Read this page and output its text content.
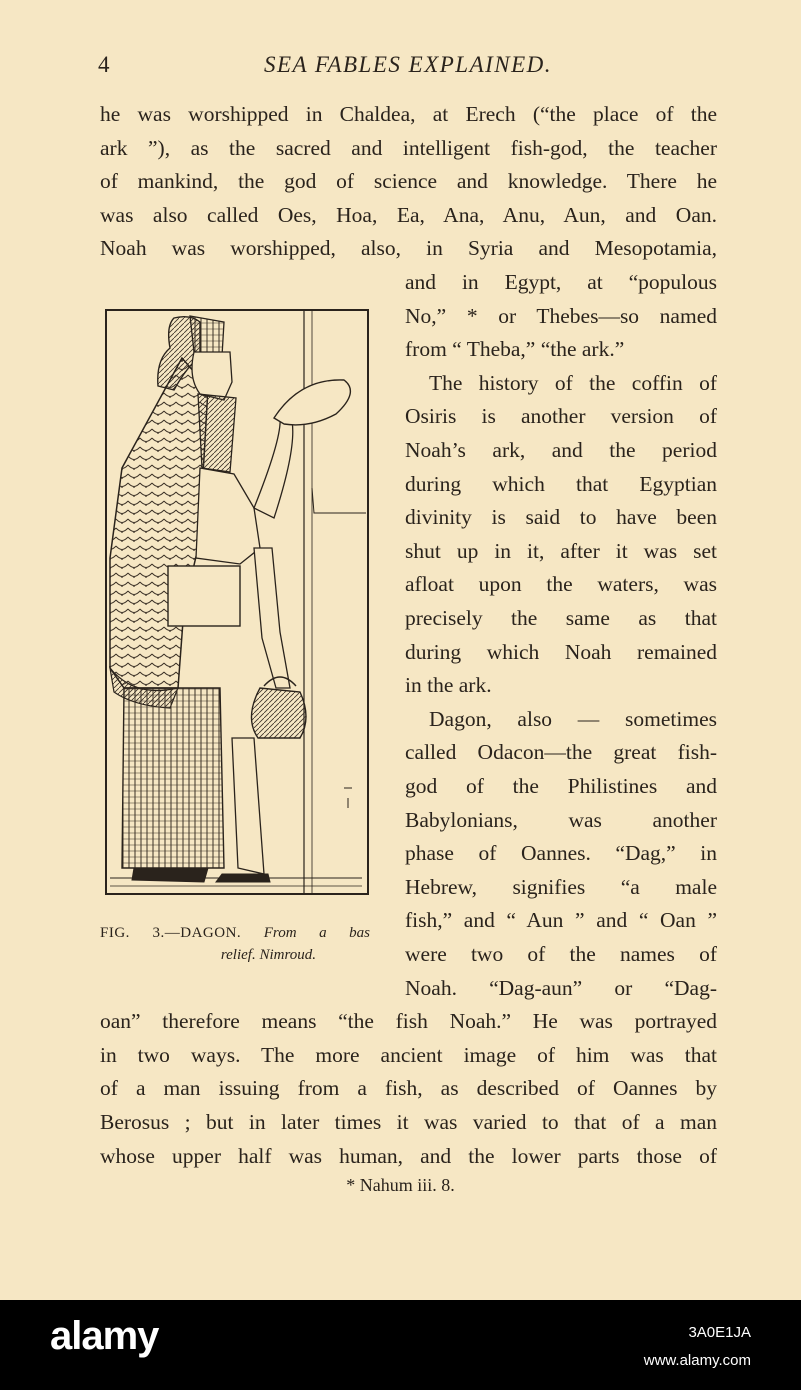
4	SEA FABLES EXPLAINED.
he was worshipped in Chaldea, at Erech (“the place of the
ark ”), as the sacred and intelligent fish-god, the teacher
of mankind, the god of science and knowledge. There he
was also called Oes, Hoa, Ea, Ana, Anu, Aun, and Oan.
Noah was worshipped, also, in Syria and Mesopotamia,
and in Egypt, at “populous
No,” * or Thebes—so named
from “ Theba,” “the ark.”
The history of the coffin of
Osiris is another version of
Noah’s ark, and the period
during which that Egyptian
divinity is said to have been
shut up in it, after it was set
afloat upon the waters, was
precisely the same as that
during which Noah remained
in the ark.
Dagon, also — sometimes
called Odacon—the great fish-
god of the Philistines and
Babylonians, was another
phase of Oannes. “Dag,” in
Hebrew, signifies “a male
fish,” and “ Aun ” and “ Oan ”
were two of the names of
Noah. “Dag-aun” or “Dag-
oan” therefore means “the fish Noah.” He was portrayed
in two ways. The more ancient image of him was that
of a man issuing from a fish, as described of Oannes by
Berosus ; but in later times it was varied to that of a man
whose upper half was human, and the lower parts those of
FIG. 3.—DAGON. From a bas
relief. Nimroud.
* Nahum iii. 8.
alamy	3A0E1JA
www.alamy.com
